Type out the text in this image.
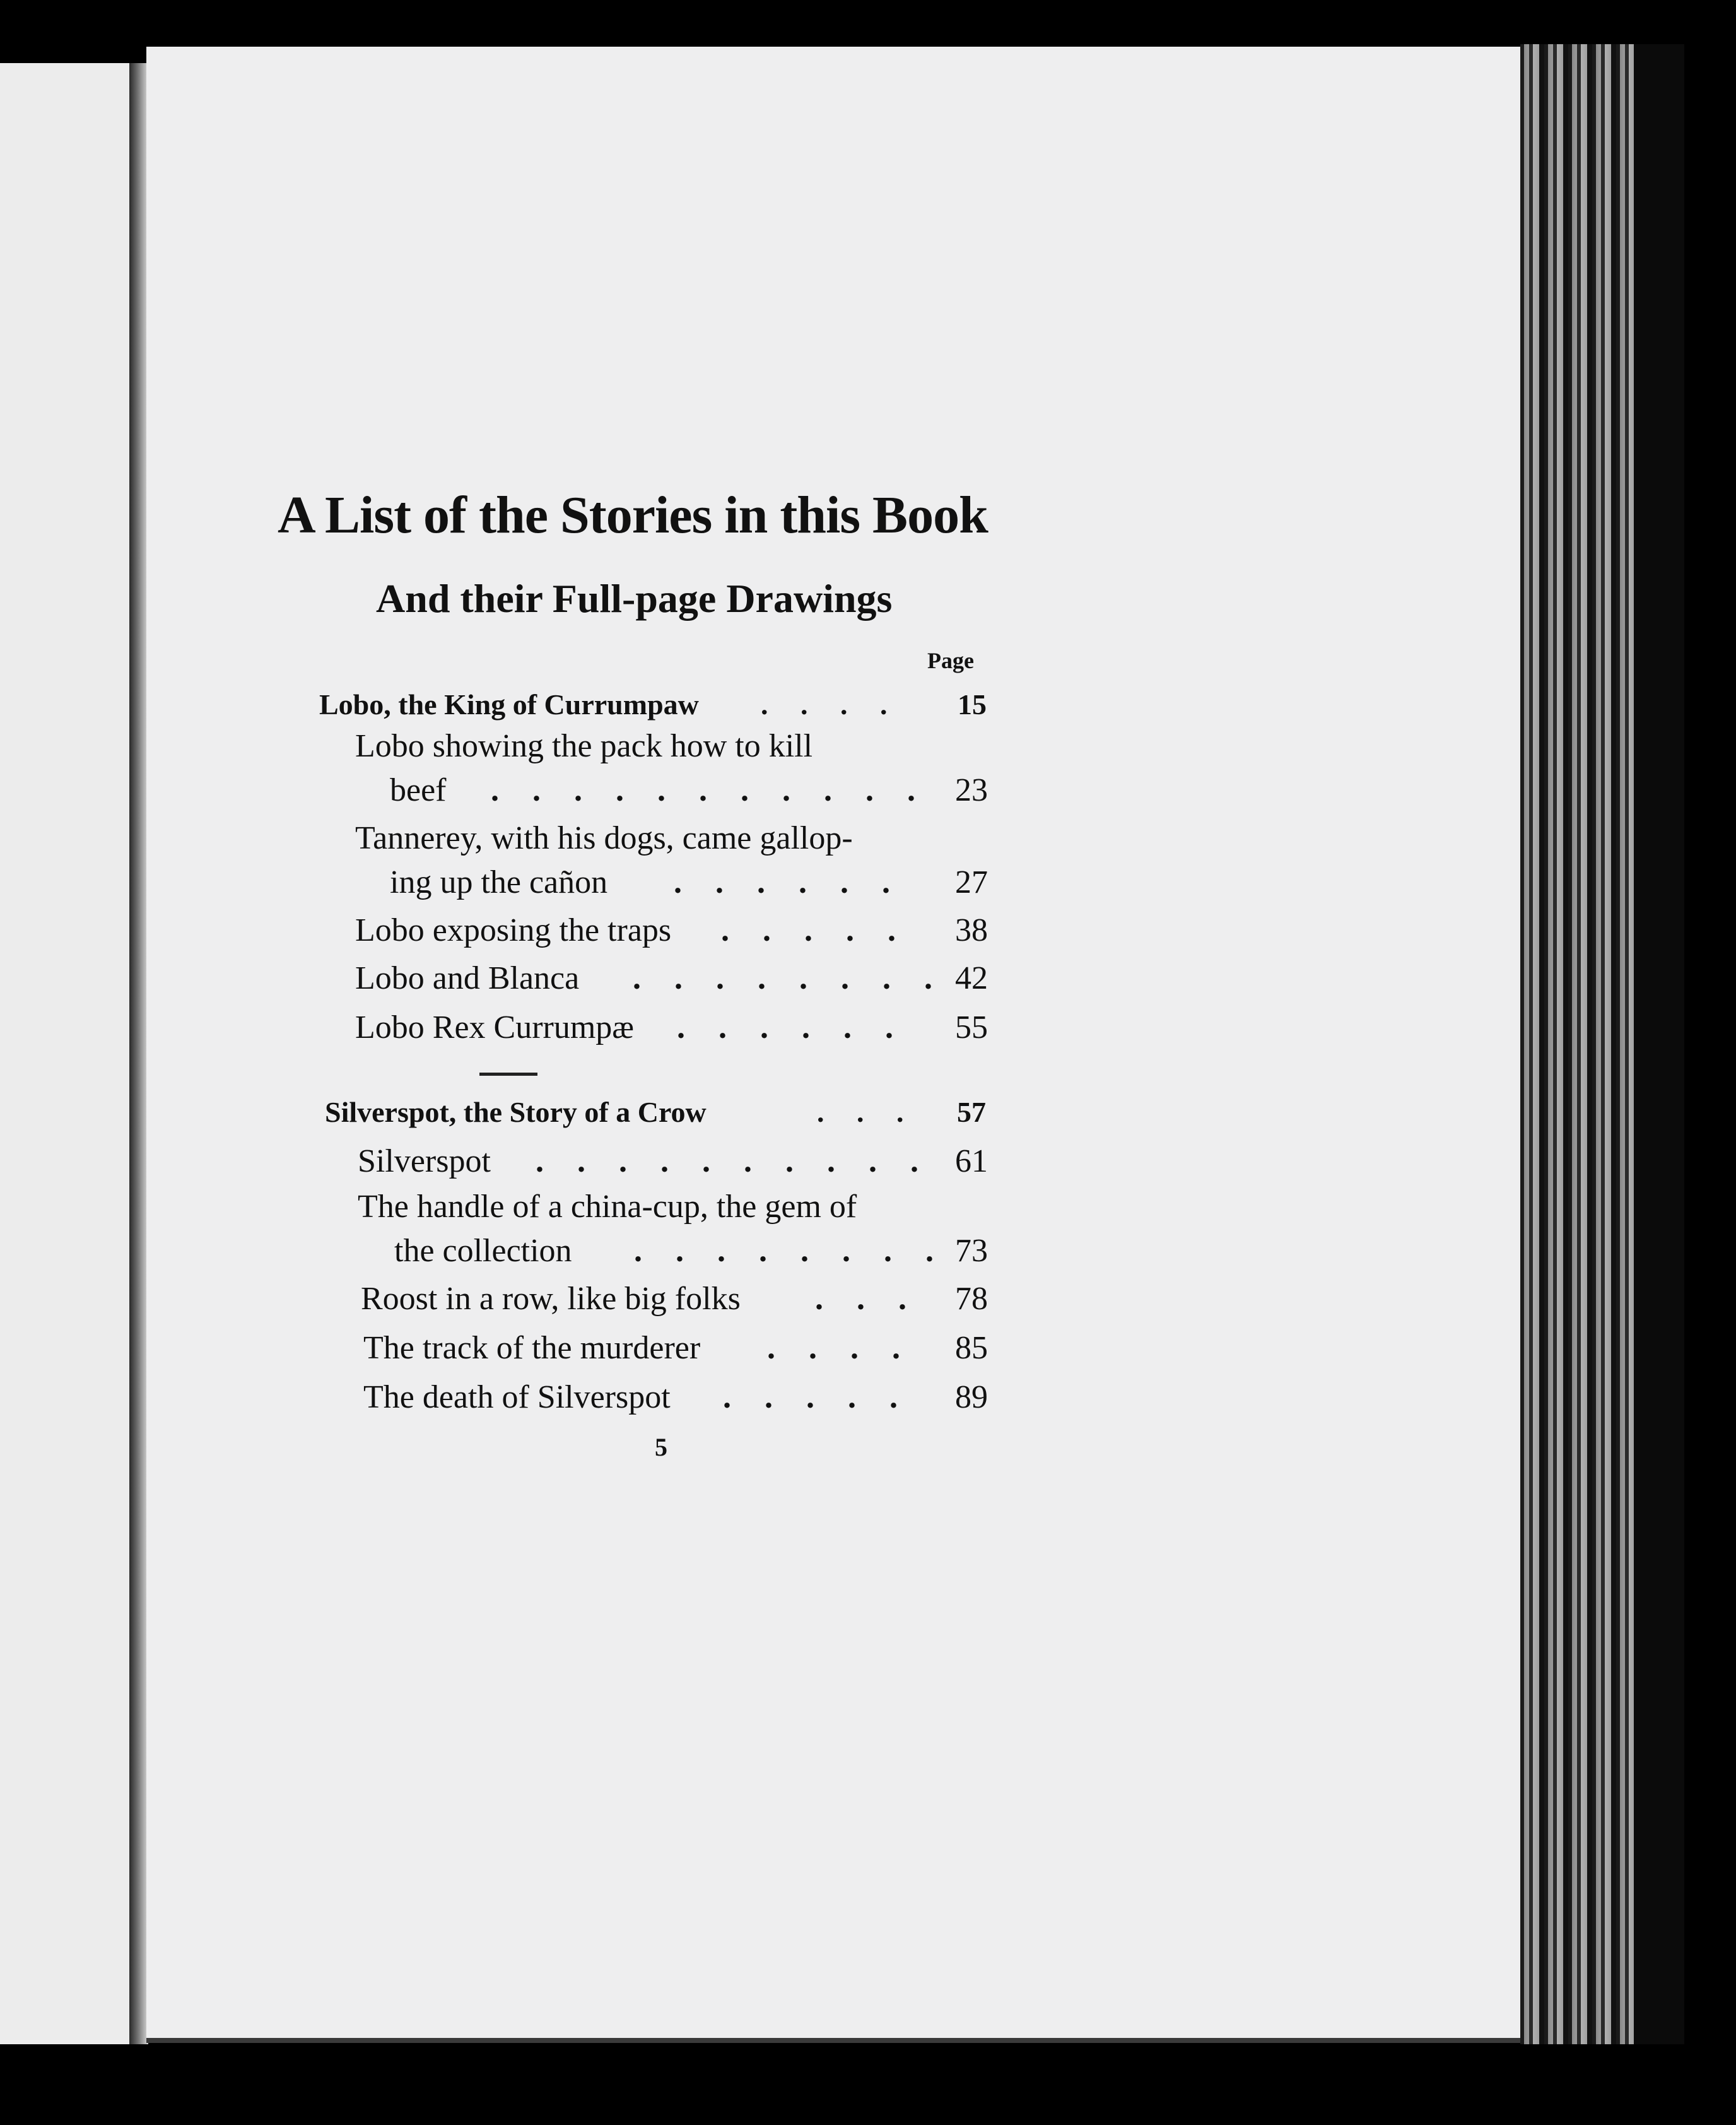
A List of the Stories in this Book
And their Full-page Drawings
Page
Lobo, the King of Currumpaw . . . . 15
Lobo showing the pack how to kill
beef . . . . . . . . . . . 23
Tannerey, with his dogs, came gallop-
ing up the cañon . . . . . . 27
Lobo exposing the traps . . . . . 38
Lobo and Blanca . . . . . . . . 42
Lobo Rex Currumpæ . . . . . . 55
Silverspot, the Story of a Crow	. . . 57
Silverspot . . . . . . . . . . 61
The handle of a china-cup, the gem of
the collection . . . . . . . . 73
Roost in a row, like big folks . . . 78
The track of the murderer . . . . 85
The death of Silverspot . . . . . 89
5
